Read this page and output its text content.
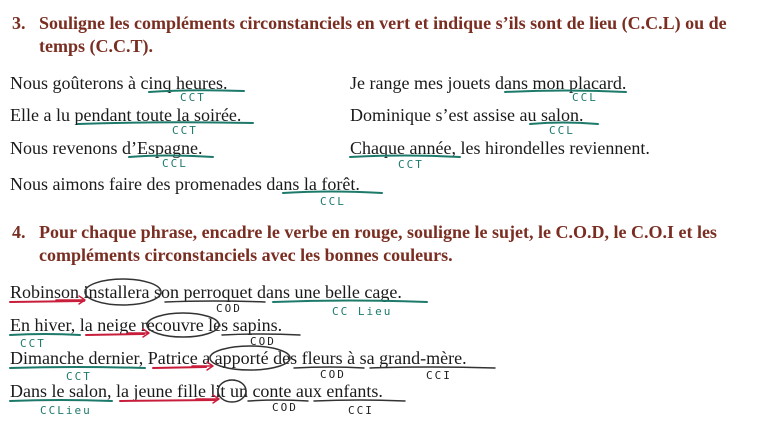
3. Souligne les compléments circonstanciels en vert et indique s’ils sont de lieu (C.C.L) ou de temps (C.C.T).
Nous goûterons à cinq heures.
Elle a lu pendant toute la soirée.
Nous revenons d’Espagne.
Nous aimons faire des promenades dans la forêt.
Je range mes jouets dans mon placard.
Dominique s’est assise au salon.
Chaque année, les hirondelles reviennent.
CCT
CCT
CCL
CCL
CCL
CCL
CCT
4. Pour chaque phrase, encadre le verbe en rouge, souligne le sujet, le C.O.D, le C.O.I et les compléments circonstanciels avec les bonnes couleurs.
Robinson installera son perroquet dans une belle cage.
En hiver, la neige recouvre les sapins.
Dimanche dernier, Patrice a apporté des fleurs à sa grand-mère.
Dans le salon, la jeune fille lit un conte aux enfants.
COD	CC Lieu
COD
CCT
CCT	COD	CCI
CCLieu	COD	CCI
